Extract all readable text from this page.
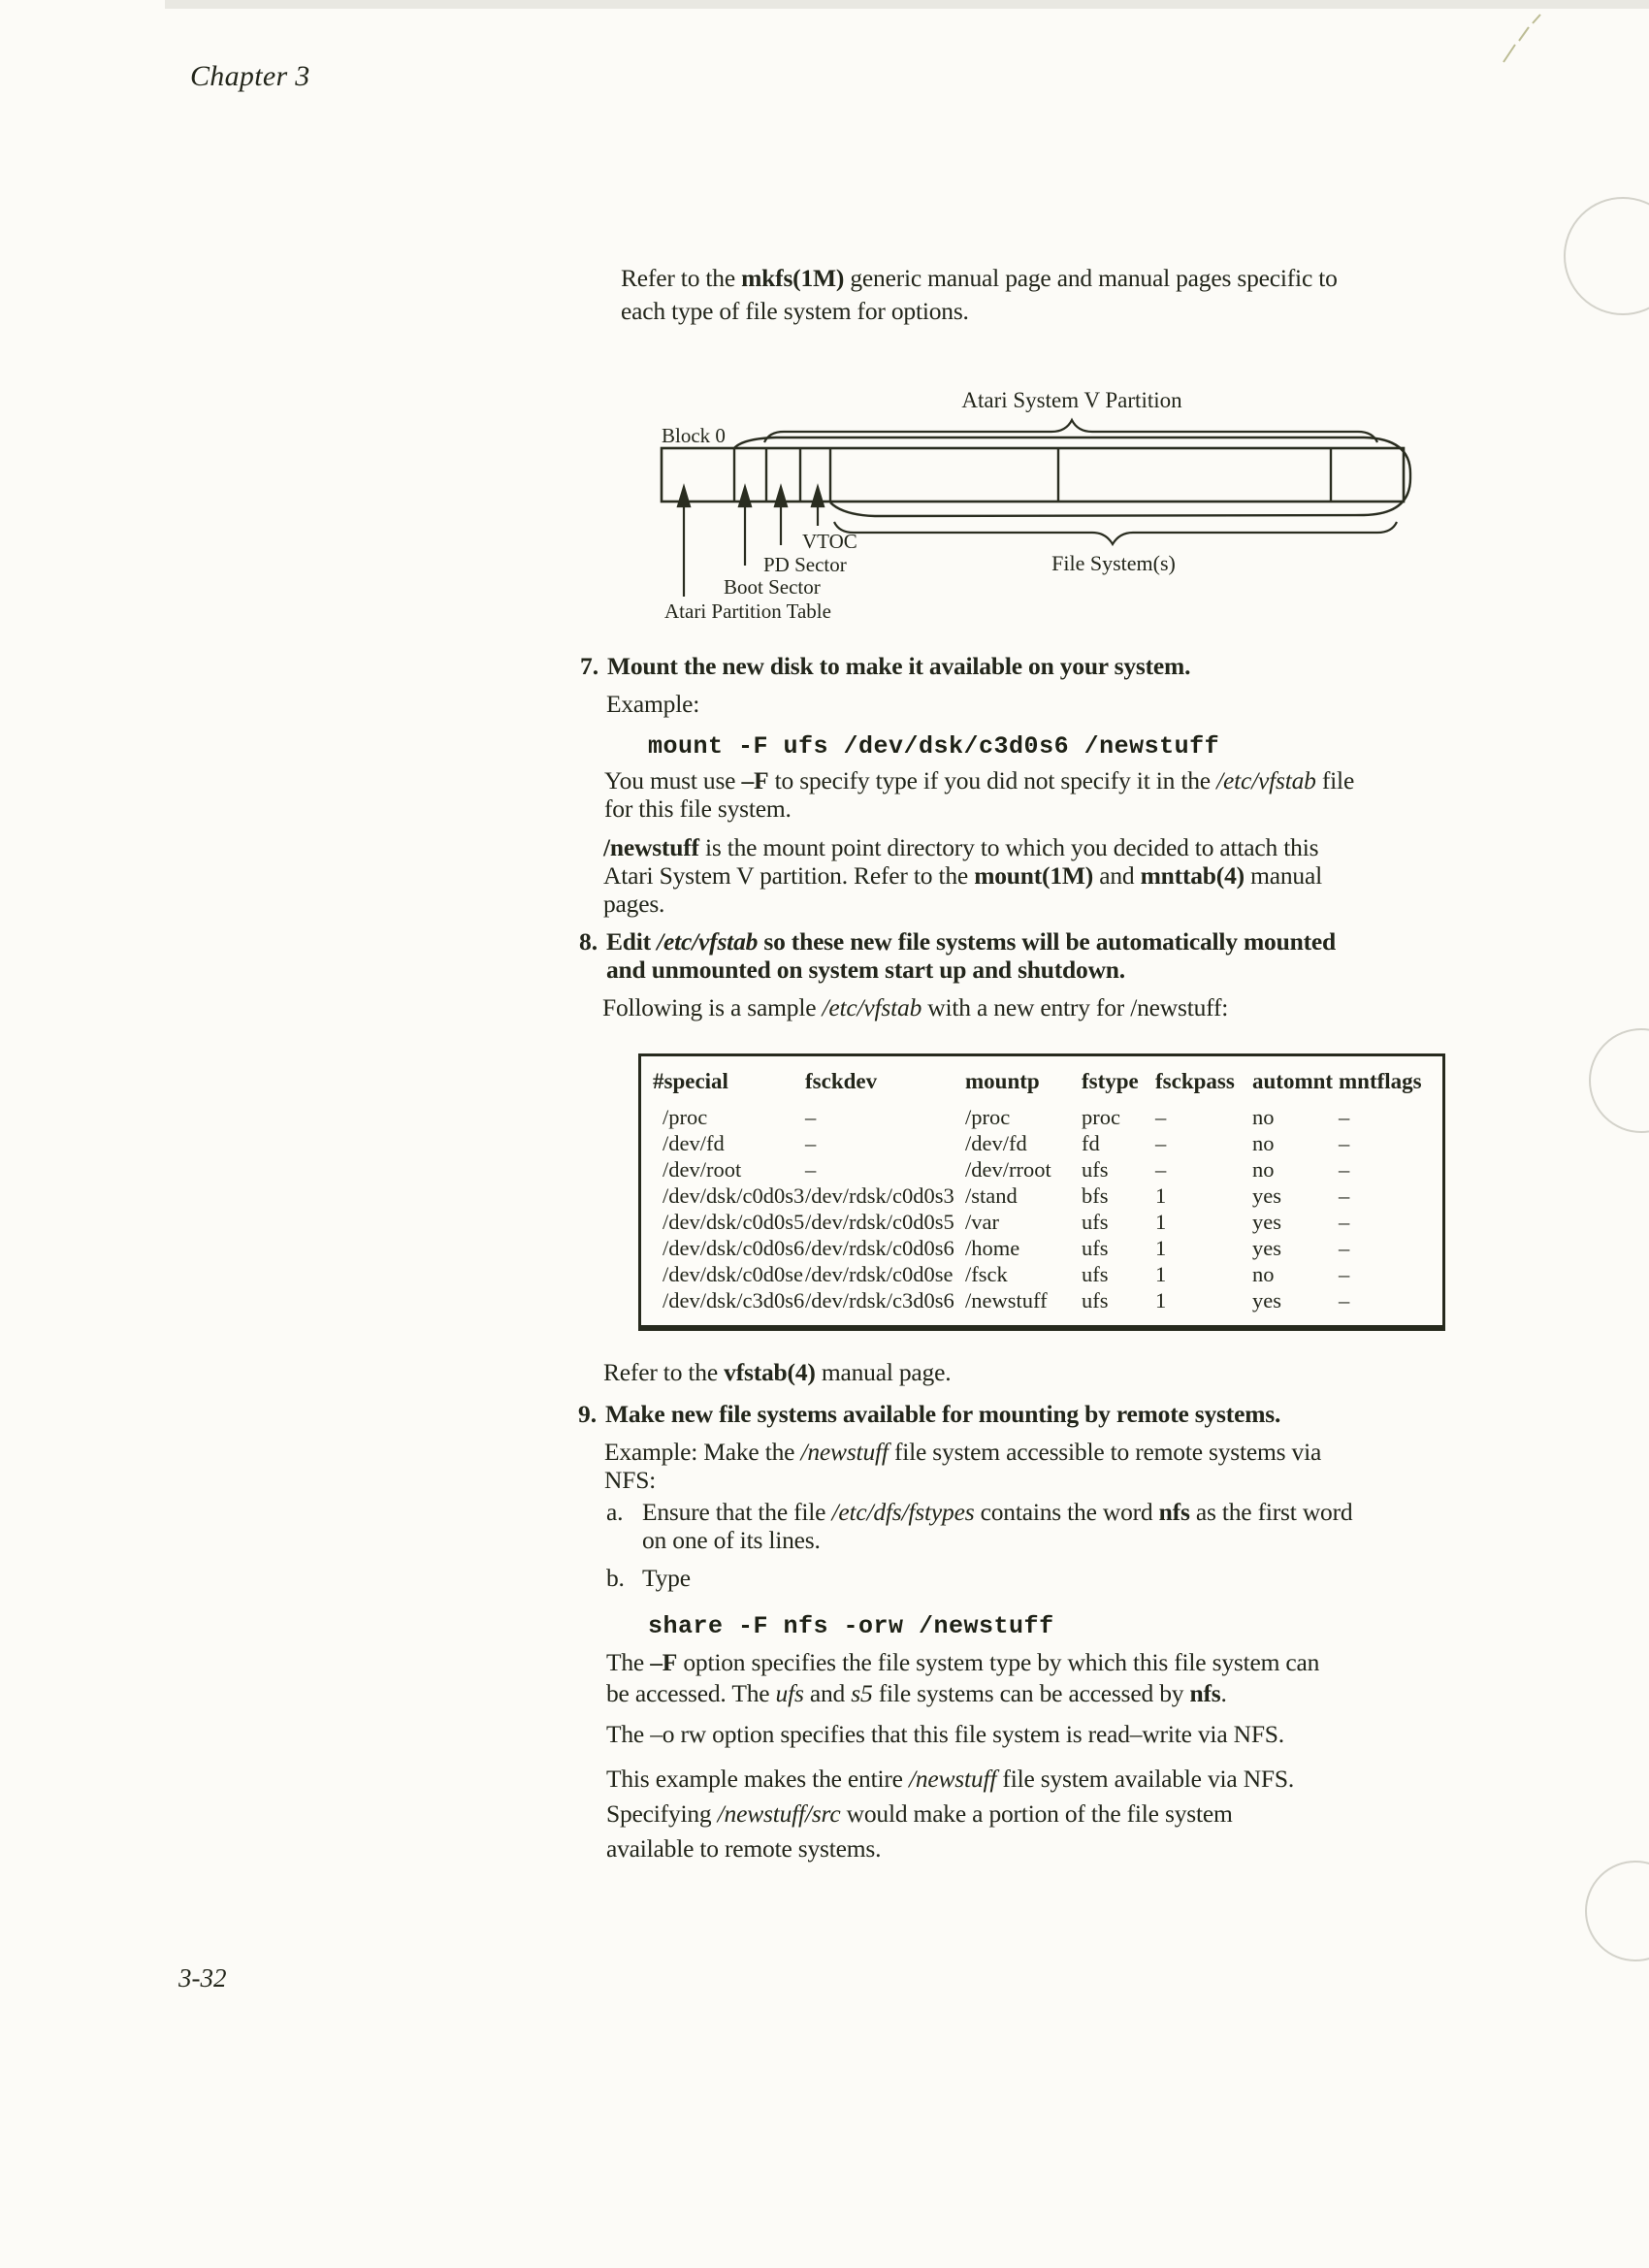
Chapter 3
3-32
Refer to the mkfs(1M) generic manual page and manual pages specific to
each type of file system for options.
Atari System V Partition
Block 0
VTOC
PD Sector
Boot Sector
Atari Partition Table
File System(s)
7. Mount the new disk to make it available on your system.
Example:
mount -F ufs /dev/dsk/c3d0s6 /newstuff
You must use –F to specify type if you did not specify it in the /etc/vfstab file
for this file system.
/newstuff is the mount point directory to which you decided to attach this
Atari System V partition. Refer to the mount(1M) and mnttab(4) manual
pages.
8. Edit /etc/vfstab so these new file systems will be automatically mounted
and unmounted on system start up and shutdown.
Following is a sample /etc/vfstab with a new entry for /newstuff:
#special	fsckdev	mountp	fstype	fsckpass	automnt	mntflags
/proc	–	/proc	proc	–	no	–
/dev/fd	–	/dev/fd	fd	–	no	–
/dev/root	–	/dev/rroot	ufs	–	no	–
/dev/dsk/c0d0s3	/dev/rdsk/c0d0s3	/stand	bfs	1	yes	–
/dev/dsk/c0d0s5	/dev/rdsk/c0d0s5	/var	ufs	1	yes	–
/dev/dsk/c0d0s6	/dev/rdsk/c0d0s6	/home	ufs	1	yes	–
/dev/dsk/c0d0se	/dev/rdsk/c0d0se	/fsck	ufs	1	no	–
/dev/dsk/c3d0s6	/dev/rdsk/c3d0s6	/newstuff	ufs	1	yes	–
Refer to the vfstab(4) manual page.
9. Make new file systems available for mounting by remote systems.
Example: Make the /newstuff file system accessible to remote systems via
NFS:
a. Ensure that the file /etc/dfs/fstypes contains the word nfs as the first word
on one of its lines.
b. Type
share -F nfs -orw /newstuff
The –F option specifies the file system type by which this file system can
be accessed. The ufs and s5 file systems can be accessed by nfs.
The –o rw option specifies that this file system is read–write via NFS.
This example makes the entire /newstuff file system available via NFS.
Specifying /newstuff/src would make a portion of the file system
available to remote systems.
